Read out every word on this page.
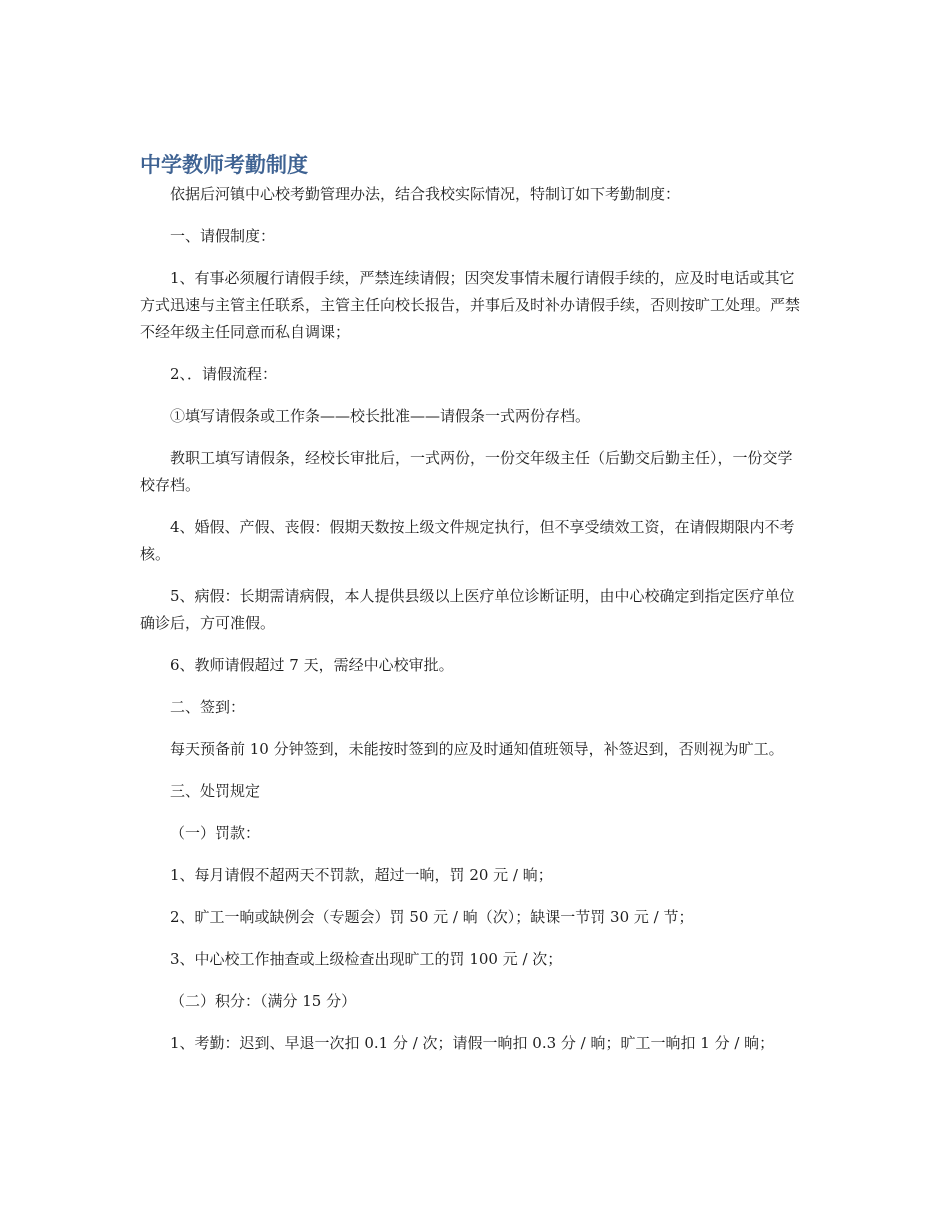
中学教师考勤制度

依据后河镇中心校考勤管理办法，结合我校实际情况，特制订如下考勤制度：

一、请假制度：

1、有事必须履行请假手续，严禁连续请假；因突发事情未履行请假手续的，应及时电话或其它方式迅速与主管主任联系，主管主任向校长报告，并事后及时补办请假手续，否则按旷工处理。严禁不经年级主任同意而私自调课；

2、．请假流程：

①填写请假条或工作条——校长批准——请假条一式两份存档。

教职工填写请假条，经校长审批后，一式两份，一份交年级主任（后勤交后勤主任），一份交学校存档。

4、婚假、产假、丧假：假期天数按上级文件规定执行，但不享受绩效工资，在请假期限内不考核。

5、病假：长期需请病假，本人提供县级以上医疗单位诊断证明，由中心校确定到指定医疗单位确诊后，方可准假。

6、教师请假超过 7 天，需经中心校审批。

二、签到：

每天预备前 10 分钟签到，未能按时签到的应及时通知值班领导，补签迟到，否则视为旷工。

三、处罚规定

（一）罚款：

1、每月请假不超两天不罚款，超过一晌，罚 20 元 / 晌；

2、旷工一晌或缺例会（专题会）罚 50 元 / 晌（次）；缺课一节罚 30 元 / 节；

3、中心校工作抽查或上级检查出现旷工的罚 100 元 / 次；

（二）积分：（满分 15 分）

1、考勤：迟到、早退一次扣 0.1 分 / 次；请假一晌扣 0.3 分 / 晌；旷工一晌扣 1 分 / 晌；
